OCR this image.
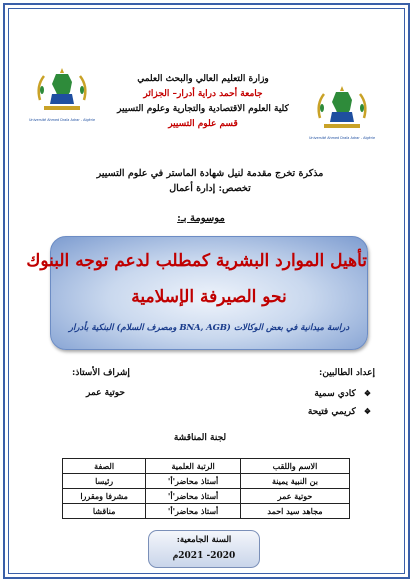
Université Ahmed Draïa Adrar - Algérie
Université Ahmed Draïa Adrar - Algérie
وزارة التعليم العالي والبحث العلمي
جامعة أحمد دراية أدرار– الجزائر
كلية العلوم الاقتصادية والتجارية وعلوم التسيير
قسم علوم التسيير
مذكرة تخرج مقدمة لنيل شهادة الماستر في علوم التسيير
تخصص: إدارة أعمال
موسومة بـ:
تأهيل الموارد البشرية كمطلب لدعم توجه البنوك
نحو الصيرفة الإسلامية
دراسة ميدانية في بعض الوكالات (BNA, AGB ومصرف السلام) البنكية بأدرار
إعداد الطالبين:
إشراف الأستاذ:
❖كادي سمية
❖كريمي فتيحة
حوتية عمر
لجنة المناقشة
الاسم واللقب	الرتبة العلمية	الصفة
بن النبية يمينة	أستاذ محاضر'أ'	رئيسا
حوتية عمر	أستاذ محاضر'أ'	مشرفا ومقررا
مجاهد سيد احمد	أستاذ محاضر'أ'	مناقشا
السنة الجامعية:
2020- 2021م
